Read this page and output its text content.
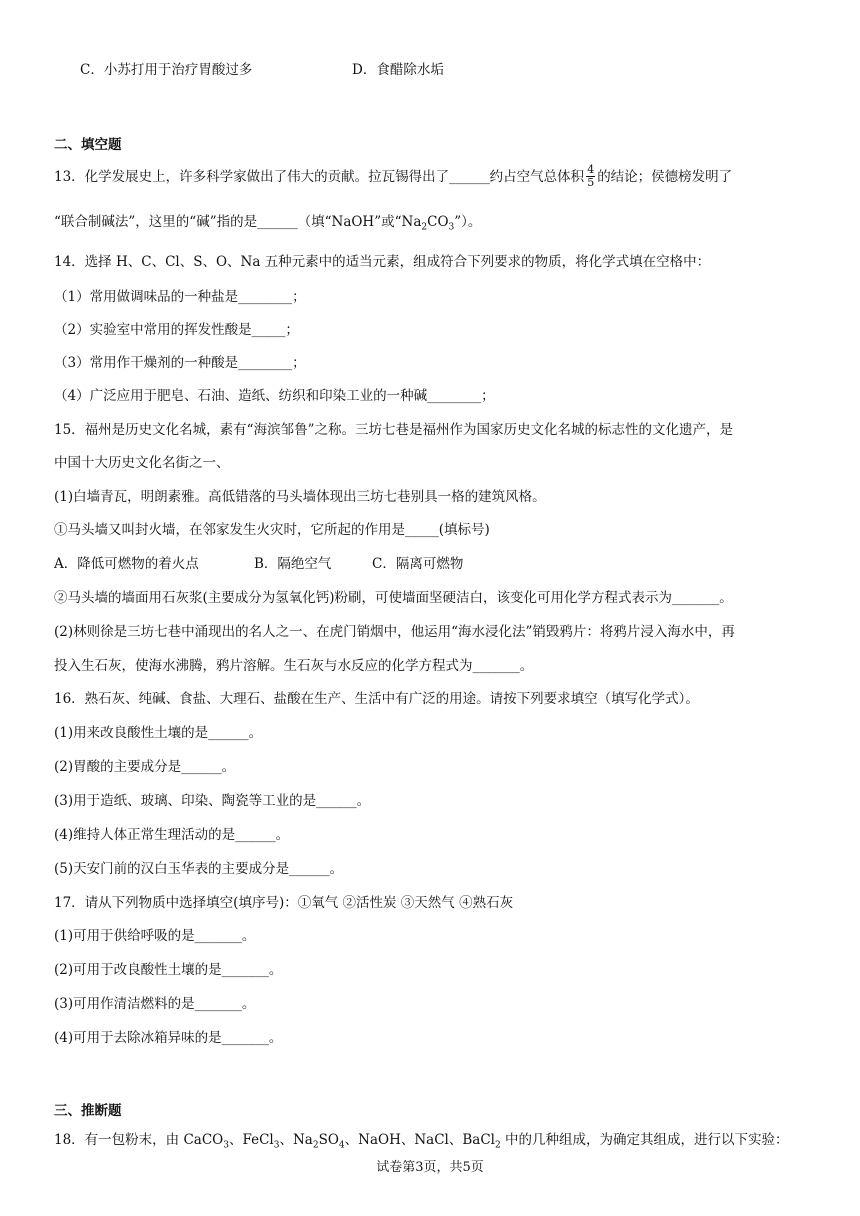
C．小苏打用于治疗胃酸过多	D．食醋除水垢
二、填空题
13．化学发展史上，许多科学家做出了伟大的贡献。拉瓦锡得出了______约占空气总体积 $\frac{4}{5}$ 的结论；侯德榜发明了
“联合制碱法”，这里的“碱”指的是______（填“NaOH”或“$Na_2CO_3$”）。
14．选择 H、C、Cl、S、O、Na 五种元素中的适当元素，组成符合下列要求的物质，将化学式填在空格中：
（1）常用做调味品的一种盐是________；
（2）实验室中常用的挥发性酸是_____；
（3）常用作干燥剂的一种酸是________；
（4）广泛应用于肥皂、石油、造纸、纺织和印染工业的一种碱________；
15．福州是历史文化名城，素有“海滨邹鲁”之称。三坊七巷是福州作为国家历史文化名城的标志性的文化遗产，是
中国十大历史文化名街之一、
(1)白墙青瓦，明朗素雅。高低错落的马头墙体现出三坊七巷别具一格的建筑风格。
①马头墙又叫封火墙，在邻家发生火灾时，它所起的作用是_____(填标号)
A．降低可燃物的着火点	B．隔绝空气	C．隔离可燃物
②马头墙的墙面用石灰浆(主要成分为氢氧化钙)粉刷，可使墙面坚硬洁白，该变化可用化学方程式表示为_______。
(2)林则徐是三坊七巷中涌现出的名人之一、在虎门销烟中，他运用“海水浸化法”销毁鸦片：将鸦片浸入海水中，再
投入生石灰，使海水沸腾，鸦片溶解。生石灰与水反应的化学方程式为_______。
16．熟石灰、纯碱、食盐、大理石、盐酸在生产、生活中有广泛的用途。请按下列要求填空（填写化学式）。
(1)用来改良酸性土壤的是______。
(2)胃酸的主要成分是______。
(3)用于造纸、玻璃、印染、陶瓷等工业的是______。
(4)维持人体正常生理活动的是______。
(5)天安门前的汉白玉华表的主要成分是______。
17．请从下列物质中选择填空(填序号)：①氧气 ②活性炭 ③天然气 ④熟石灰
(1)可用于供给呼吸的是_______。
(2)可用于改良酸性土壤的是_______。
(3)可用作清洁燃料的是_______。
(4)可用于去除冰箱异味的是_______。
三、推断题
18．有一包粉末，由 CaCO$_3$、FeCl$_3$、$Na_2SO_4$、NaOH、NaCl、BaCl$_2$ 中的几种组成，为确定其组成，进行以下实验：
试卷第3页，共5页
